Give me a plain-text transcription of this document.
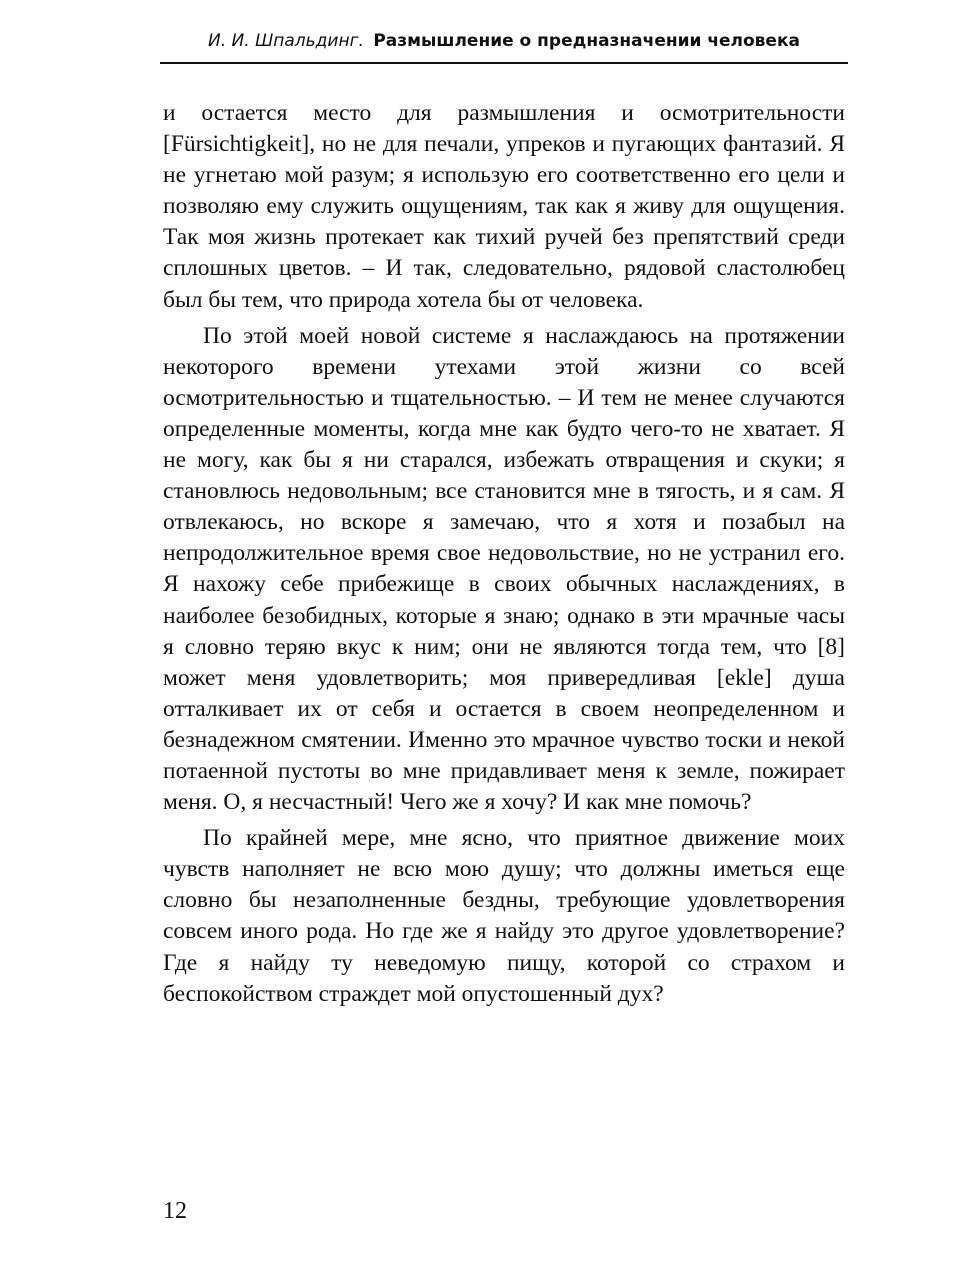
И. И. Шпальдинг. Размышление о предназначении человека

и остается место для размышления и осмотрительности [Fürsichtigkeit], но не для печали, упреков и пугающих фантазий. Я не угнетаю мой разум; я использую его соответственно его цели и позволяю ему служить ощущениям, так как я живу для ощущения. Так моя жизнь протекает как тихий ручей без препятствий среди сплошных цветов. – И так, следовательно, рядовой сластолюбец был бы тем, что природа хотела бы от человека.

По этой моей новой системе я наслаждаюсь на протяжении некоторого времени утехами этой жизни со всей осмотрительностью и тщательностью. – И тем не менее случаются определенные моменты, когда мне как будто чего-то не хватает. Я не могу, как бы я ни старался, избежать отвращения и скуки; я становлюсь недовольным; все становится мне в тягость, и я сам. Я отвлекаюсь, но вскоре я замечаю, что я хотя и позабыл на непродолжительное время свое недовольствие, но не устранил его. Я нахожу себе прибежище в своих обычных наслаждениях, в наиболее безобидных, которые я знаю; однако в эти мрачные часы я словно теряю вкус к ним; они не являются тогда тем, что [8] может меня удовлетворить; моя привередливая [ekle] душа отталкивает их от себя и остается в своем неопределенном и безнадежном смятении. Именно это мрачное чувство тоски и некой потаенной пустоты во мне придавливает меня к земле, пожирает меня. О, я несчастный! Чего же я хочу? И как мне помочь?

По крайней мере, мне ясно, что приятное движение моих чувств наполняет не всю мою душу; что должны иметься еще словно бы незаполненные бездны, требующие удовлетворения совсем иного рода. Но где же я найду это другое удовлетворение? Где я найду ту неведомую пищу, которой со страхом и беспокойством страждет мой опустошенный дух?

12
